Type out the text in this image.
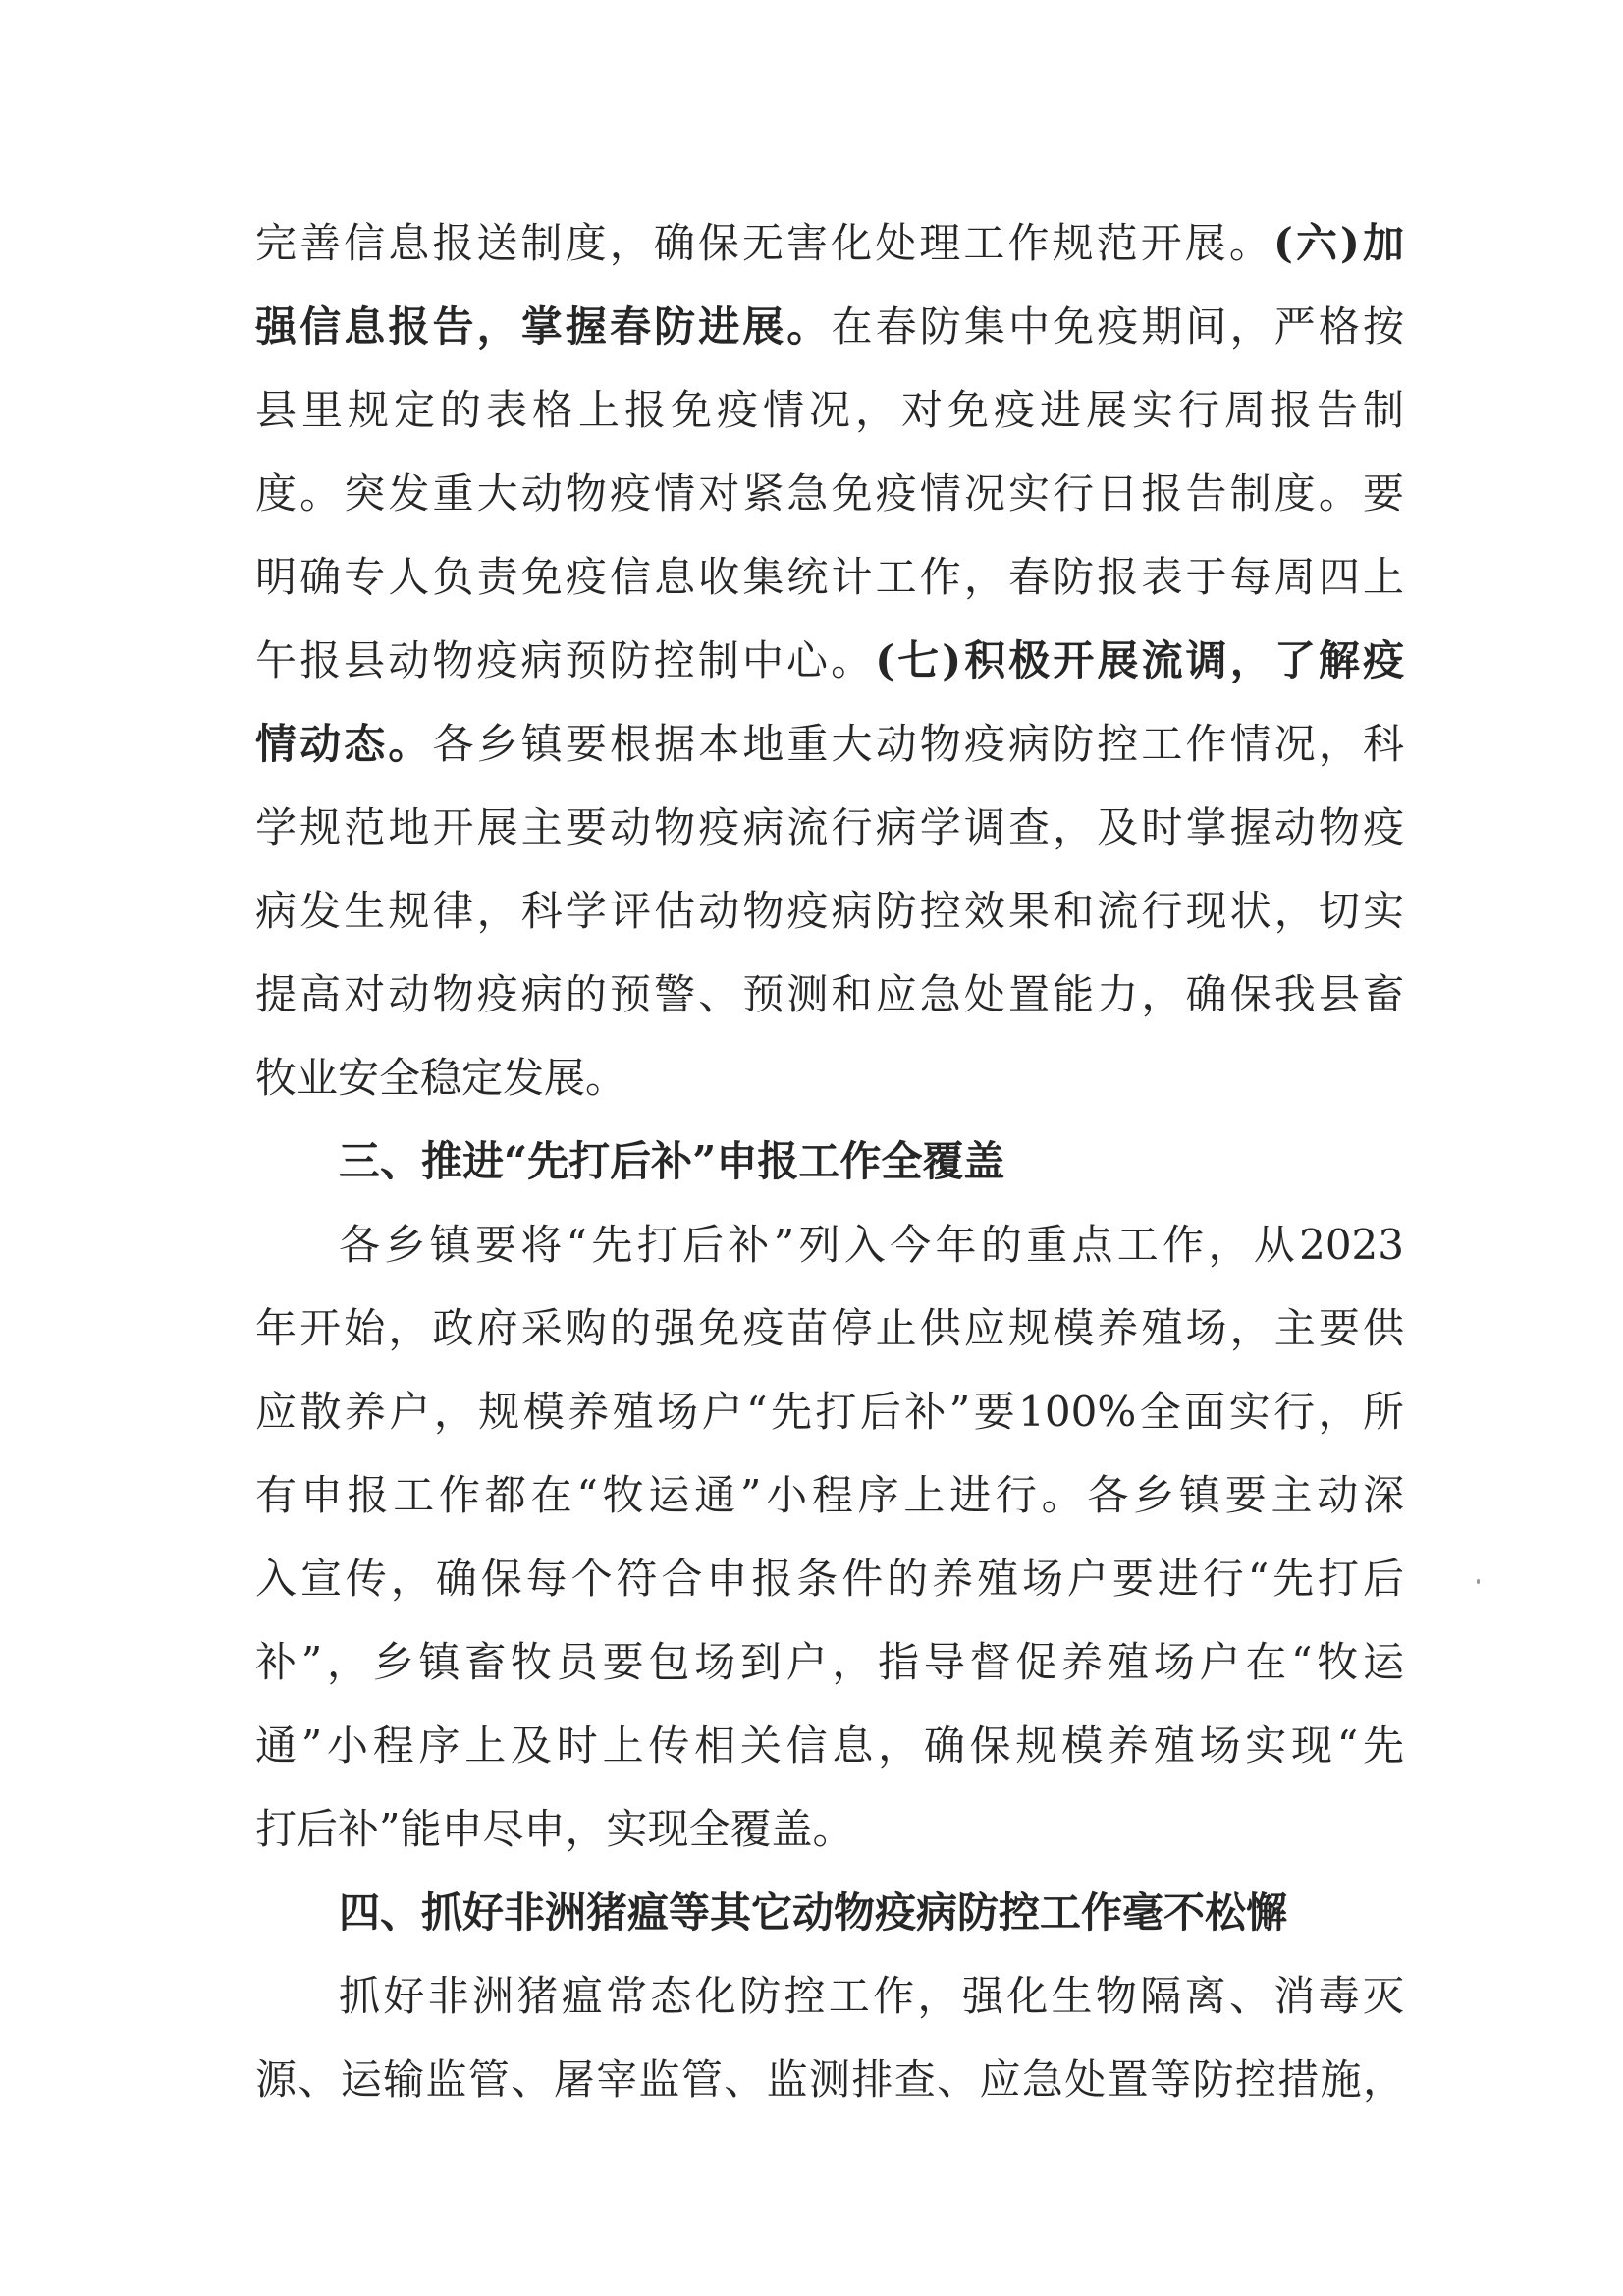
完善信息报送制度，确保无害化处理工作规范开展。(六)加
强信息报告，掌握春防进展。在春防集中免疫期间，严格按
县里规定的表格上报免疫情况，对免疫进展实行周报告制
度。突发重大动物疫情对紧急免疫情况实行日报告制度。要
明确专人负责免疫信息收集统计工作，春防报表于每周四上
午报县动物疫病预防控制中心。(七)积极开展流调，了解疫
情动态。各乡镇要根据本地重大动物疫病防控工作情况，科
学规范地开展主要动物疫病流行病学调查，及时掌握动物疫
病发生规律，科学评估动物疫病防控效果和流行现状，切实
提高对动物疫病的预警、预测和应急处置能力，确保我县畜
牧业安全稳定发展。
三、推进“先打后补”申报工作全覆盖
各乡镇要将“先打后补”列入今年的重点工作，从2023
年开始，政府采购的强免疫苗停止供应规模养殖场，主要供
应散养户，规模养殖场户“先打后补”要100%全面实行，所
有申报工作都在“牧运通”小程序上进行。各乡镇要主动深
入宣传，确保每个符合申报条件的养殖场户要进行“先打后
补”，乡镇畜牧员要包场到户，指导督促养殖场户在“牧运
通”小程序上及时上传相关信息，确保规模养殖场实现“先
打后补”能申尽申，实现全覆盖。
四、抓好非洲猪瘟等其它动物疫病防控工作毫不松懈
抓好非洲猪瘟常态化防控工作，强化生物隔离、消毒灭
源、运输监管、屠宰监管、监测排查、应急处置等防控措施，
